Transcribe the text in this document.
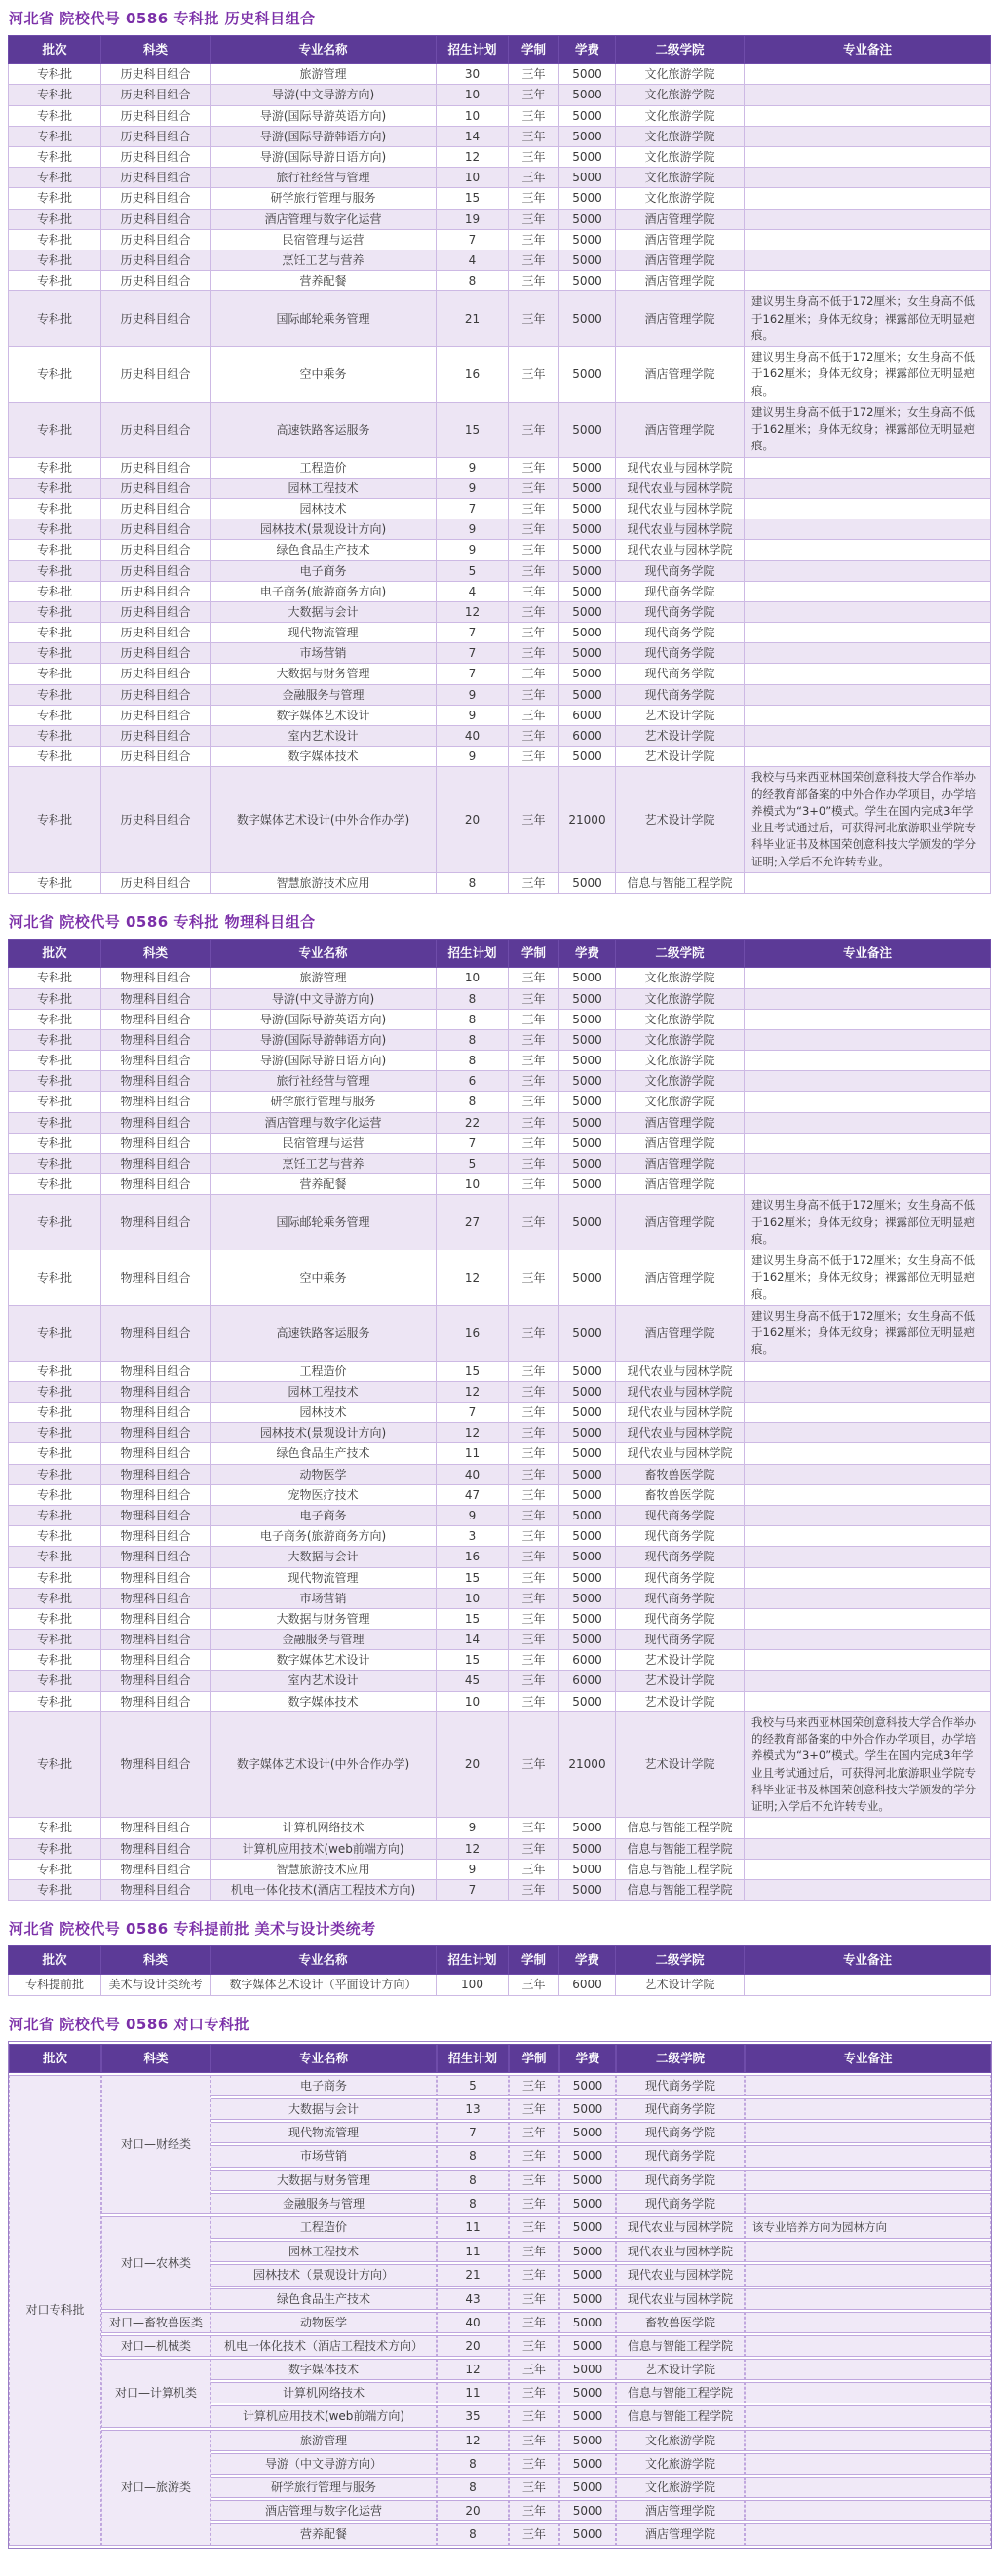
河北省 院校代号 0586 专科批 历史科目组合
批次	科类	专业名称	招生计划	学制	学费	二级学院	专业备注
专科批	历史科目组合	旅游管理	30	三年	5000	文化旅游学院	
专科批	历史科目组合	导游(中文导游方向)	10	三年	5000	文化旅游学院	
专科批	历史科目组合	导游(国际导游英语方向)	10	三年	5000	文化旅游学院	
专科批	历史科目组合	导游(国际导游韩语方向)	14	三年	5000	文化旅游学院	
专科批	历史科目组合	导游(国际导游日语方向)	12	三年	5000	文化旅游学院	
专科批	历史科目组合	旅行社经营与管理	10	三年	5000	文化旅游学院	
专科批	历史科目组合	研学旅行管理与服务	15	三年	5000	文化旅游学院	
专科批	历史科目组合	酒店管理与数字化运营	19	三年	5000	酒店管理学院	
专科批	历史科目组合	民宿管理与运营	7	三年	5000	酒店管理学院	
专科批	历史科目组合	烹饪工艺与营养	4	三年	5000	酒店管理学院	
专科批	历史科目组合	营养配餐	8	三年	5000	酒店管理学院	
专科批	历史科目组合	国际邮轮乘务管理	21	三年	5000	酒店管理学院	建议男生身高不低于172厘米；女生身高不低于162厘米；身体无纹身；裸露部位无明显疤痕。
专科批	历史科目组合	空中乘务	16	三年	5000	酒店管理学院	建议男生身高不低于172厘米；女生身高不低于162厘米；身体无纹身；裸露部位无明显疤痕。
专科批	历史科目组合	高速铁路客运服务	15	三年	5000	酒店管理学院	建议男生身高不低于172厘米；女生身高不低于162厘米；身体无纹身；裸露部位无明显疤痕。
专科批	历史科目组合	工程造价	9	三年	5000	现代农业与园林学院	
专科批	历史科目组合	园林工程技术	9	三年	5000	现代农业与园林学院	
专科批	历史科目组合	园林技术	7	三年	5000	现代农业与园林学院	
专科批	历史科目组合	园林技术(景观设计方向)	9	三年	5000	现代农业与园林学院	
专科批	历史科目组合	绿色食品生产技术	9	三年	5000	现代农业与园林学院	
专科批	历史科目组合	电子商务	5	三年	5000	现代商务学院	
专科批	历史科目组合	电子商务(旅游商务方向)	4	三年	5000	现代商务学院	
专科批	历史科目组合	大数据与会计	12	三年	5000	现代商务学院	
专科批	历史科目组合	现代物流管理	7	三年	5000	现代商务学院	
专科批	历史科目组合	市场营销	7	三年	5000	现代商务学院	
专科批	历史科目组合	大数据与财务管理	7	三年	5000	现代商务学院	
专科批	历史科目组合	金融服务与管理	9	三年	5000	现代商务学院	
专科批	历史科目组合	数字媒体艺术设计	9	三年	6000	艺术设计学院	
专科批	历史科目组合	室内艺术设计	40	三年	6000	艺术设计学院	
专科批	历史科目组合	数字媒体技术	9	三年	5000	艺术设计学院	
专科批	历史科目组合	数字媒体艺术设计(中外合作办学)	20	三年	21000	艺术设计学院	我校与马来西亚林国荣创意科技大学合作举办的经教育部备案的中外合作办学项目，办学培养模式为“3+0”模式。学生在国内完成3年学业且考试通过后，可获得河北旅游职业学院专科毕业证书及林国荣创意科技大学颁发的学分证明;入学后不允许转专业。
专科批	历史科目组合	智慧旅游技术应用	8	三年	5000	信息与智能工程学院	
河北省 院校代号 0586 专科批 物理科目组合
批次	科类	专业名称	招生计划	学制	学费	二级学院	专业备注
专科批	物理科目组合	旅游管理	10	三年	5000	文化旅游学院	
专科批	物理科目组合	导游(中文导游方向)	8	三年	5000	文化旅游学院	
专科批	物理科目组合	导游(国际导游英语方向)	8	三年	5000	文化旅游学院	
专科批	物理科目组合	导游(国际导游韩语方向)	8	三年	5000	文化旅游学院	
专科批	物理科目组合	导游(国际导游日语方向)	8	三年	5000	文化旅游学院	
专科批	物理科目组合	旅行社经营与管理	6	三年	5000	文化旅游学院	
专科批	物理科目组合	研学旅行管理与服务	8	三年	5000	文化旅游学院	
专科批	物理科目组合	酒店管理与数字化运营	22	三年	5000	酒店管理学院	
专科批	物理科目组合	民宿管理与运营	7	三年	5000	酒店管理学院	
专科批	物理科目组合	烹饪工艺与营养	5	三年	5000	酒店管理学院	
专科批	物理科目组合	营养配餐	10	三年	5000	酒店管理学院	
专科批	物理科目组合	国际邮轮乘务管理	27	三年	5000	酒店管理学院	建议男生身高不低于172厘米；女生身高不低于162厘米；身体无纹身；裸露部位无明显疤痕。
专科批	物理科目组合	空中乘务	12	三年	5000	酒店管理学院	建议男生身高不低于172厘米；女生身高不低于162厘米；身体无纹身；裸露部位无明显疤痕。
专科批	物理科目组合	高速铁路客运服务	16	三年	5000	酒店管理学院	建议男生身高不低于172厘米；女生身高不低于162厘米；身体无纹身；裸露部位无明显疤痕。
专科批	物理科目组合	工程造价	15	三年	5000	现代农业与园林学院	
专科批	物理科目组合	园林工程技术	12	三年	5000	现代农业与园林学院	
专科批	物理科目组合	园林技术	7	三年	5000	现代农业与园林学院	
专科批	物理科目组合	园林技术(景观设计方向)	12	三年	5000	现代农业与园林学院	
专科批	物理科目组合	绿色食品生产技术	11	三年	5000	现代农业与园林学院	
专科批	物理科目组合	动物医学	40	三年	5000	畜牧兽医学院	
专科批	物理科目组合	宠物医疗技术	47	三年	5000	畜牧兽医学院	
专科批	物理科目组合	电子商务	9	三年	5000	现代商务学院	
专科批	物理科目组合	电子商务(旅游商务方向)	3	三年	5000	现代商务学院	
专科批	物理科目组合	大数据与会计	16	三年	5000	现代商务学院	
专科批	物理科目组合	现代物流管理	15	三年	5000	现代商务学院	
专科批	物理科目组合	市场营销	10	三年	5000	现代商务学院	
专科批	物理科目组合	大数据与财务管理	15	三年	5000	现代商务学院	
专科批	物理科目组合	金融服务与管理	14	三年	5000	现代商务学院	
专科批	物理科目组合	数字媒体艺术设计	15	三年	6000	艺术设计学院	
专科批	物理科目组合	室内艺术设计	45	三年	6000	艺术设计学院	
专科批	物理科目组合	数字媒体技术	10	三年	5000	艺术设计学院	
专科批	物理科目组合	数字媒体艺术设计(中外合作办学)	20	三年	21000	艺术设计学院	我校与马来西亚林国荣创意科技大学合作举办的经教育部备案的中外合作办学项目，办学培养模式为“3+0”模式。学生在国内完成3年学业且考试通过后，可获得河北旅游职业学院专科毕业证书及林国荣创意科技大学颁发的学分证明;入学后不允许转专业。
专科批	物理科目组合	计算机网络技术	9	三年	5000	信息与智能工程学院	
专科批	物理科目组合	计算机应用技术(web前端方向)	12	三年	5000	信息与智能工程学院	
专科批	物理科目组合	智慧旅游技术应用	9	三年	5000	信息与智能工程学院	
专科批	物理科目组合	机电一体化技术(酒店工程技术方向)	7	三年	5000	信息与智能工程学院	
河北省 院校代号 0586 专科提前批 美术与设计类统考
批次	科类	专业名称	招生计划	学制	学费	二级学院	专业备注
专科提前批	美术与设计类统考	数字媒体艺术设计（平面设计方向）	100	三年	6000	艺术设计学院	
河北省 院校代号 0586 对口专科批
批次	科类	专业名称	招生计划	学制	学费	二级学院	专业备注
对口专科批	对口—财经类	电子商务	5	三年	5000	现代商务学院	
		大数据与会计	13	三年	5000	现代商务学院	
		现代物流管理	7	三年	5000	现代商务学院	
		市场营销	8	三年	5000	现代商务学院	
		大数据与财务管理	8	三年	5000	现代商务学院	
		金融服务与管理	8	三年	5000	现代商务学院	
	对口—农林类	工程造价	11	三年	5000	现代农业与园林学院	该专业培养方向为园林方向
		园林工程技术	11	三年	5000	现代农业与园林学院	
		园林技术（景观设计方向）	21	三年	5000	现代农业与园林学院	
		绿色食品生产技术	43	三年	5000	现代农业与园林学院	
	对口—畜牧兽医类	动物医学	40	三年	5000	畜牧兽医学院	
	对口—机械类	机电一体化技术（酒店工程技术方向）	20	三年	5000	信息与智能工程学院	
	对口—计算机类	数字媒体技术	12	三年	5000	艺术设计学院	
		计算机网络技术	11	三年	5000	信息与智能工程学院	
		计算机应用技术(web前端方向)	35	三年	5000	信息与智能工程学院	
	对口—旅游类	旅游管理	12	三年	5000	文化旅游学院	
		导游（中文导游方向）	8	三年	5000	文化旅游学院	
		研学旅行管理与服务	8	三年	5000	文化旅游学院	
		酒店管理与数字化运营	20	三年	5000	酒店管理学院	
		营养配餐	8	三年	5000	酒店管理学院	
